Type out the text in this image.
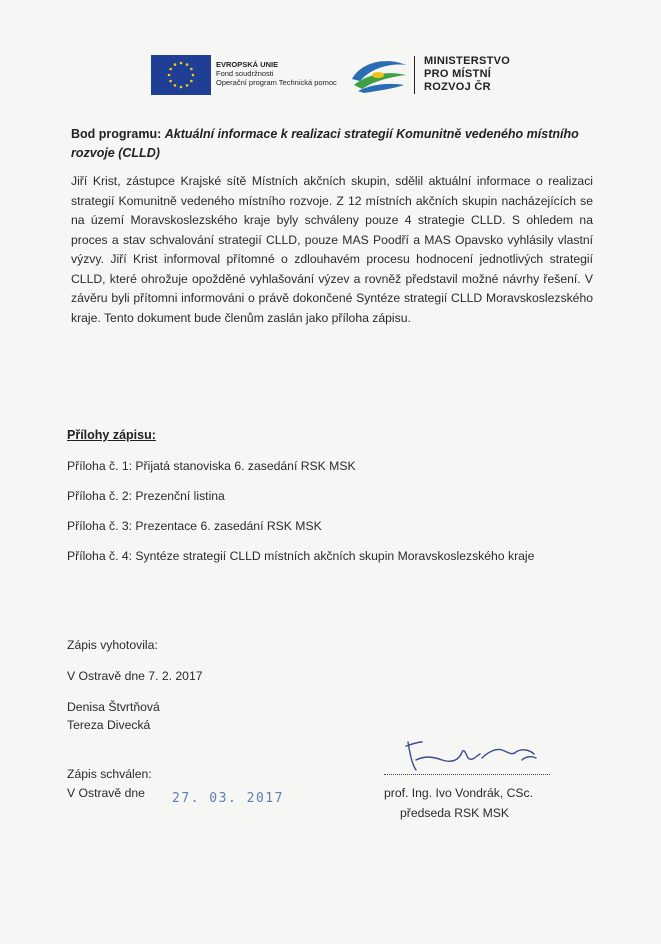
EVROPSKÁ UNIE
Fond soudržnosti
Operační program Technická pomoc
MINISTERSTVO
PRO MÍSTNÍ
ROZVOJ ČR
Bod programu: Aktuální informace k realizaci strategií Komunitně vedeného místního rozvoje (CLLD)
Jiří Krist, zástupce Krajské sítě Místních akčních skupin, sdělil aktuální informace o realizaci strategií Komunitně vedeného místního rozvoje. Z 12 místních akčních skupin nacházejících se na území Moravskoslezského kraje byly schváleny pouze 4 strategie CLLD. S ohledem na proces a stav schvalování strategií CLLD, pouze MAS Poodří a MAS Opavsko vyhlásily vlastní výzvy. Jiří Krist informoval přítomné o zdlouhavém procesu hodnocení jednotlivých strategií CLLD, které ohrožuje opožděné vyhlašování výzev a rovněž představil možné návrhy řešení. V závěru byli přítomni informováni o právě dokončené Syntéze strategií CLLD Moravskoslezského kraje. Tento dokument bude členům zaslán jako příloha zápisu.
Přílohy zápisu:
Příloha č. 1: Přijatá stanoviska 6. zasedání RSK MSK
Příloha č. 2: Prezenční listina
Příloha č. 3: Prezentace 6. zasedání RSK MSK
Příloha č. 4: Syntéze strategií CLLD místních akčních skupin Moravskoslezského kraje
Zápis vyhotovila:
V Ostravě dne 7. 2. 2017
Denisa Štvrtňová
Tereza Divecká
Zápis schválen:
V Ostravě dne 27. 03. 2017	prof. Ing. Ivo Vondrák, CSc.
předseda RSK MSK
